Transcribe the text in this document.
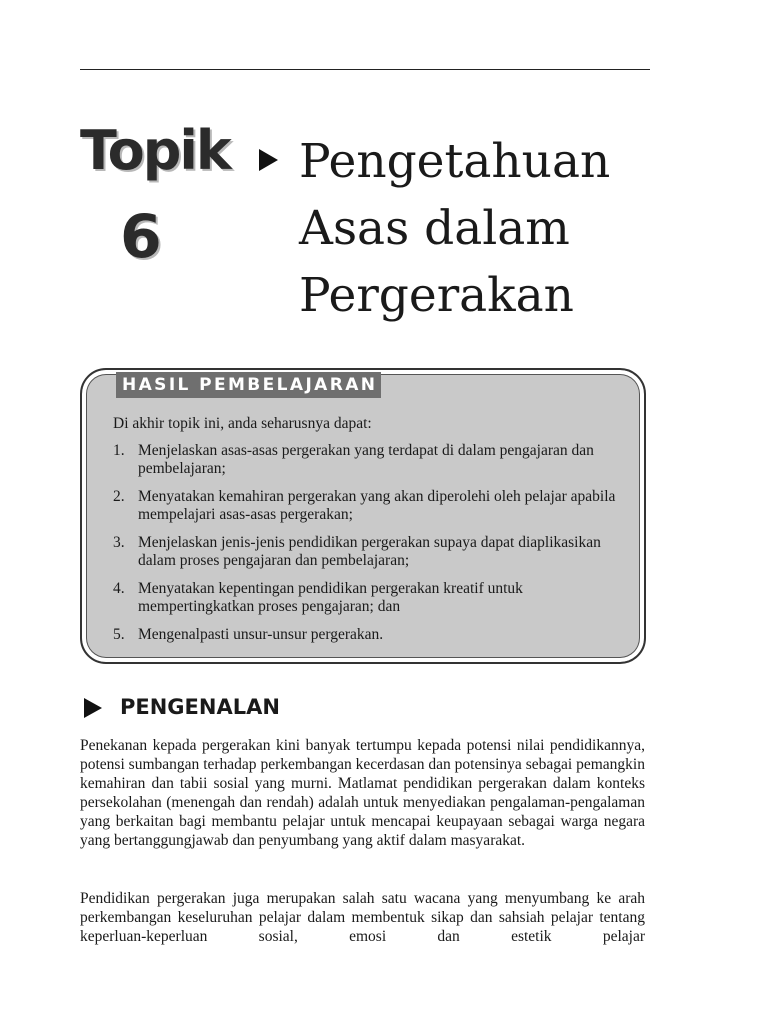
Topik
6
Pengetahuan
Asas dalam
Pergerakan
HASIL PEMBELAJARAN
Di akhir topik ini, anda seharusnya dapat:
1. Menjelaskan asas-asas pergerakan yang terdapat di dalam pengajaran dan pembelajaran;
2. Menyatakan kemahiran pergerakan yang akan diperolehi oleh pelajar apabila mempelajari asas-asas pergerakan;
3. Menjelaskan jenis-jenis pendidikan pergerakan supaya dapat diaplikasikan dalam proses pengajaran dan pembelajaran;
4. Menyatakan kepentingan pendidikan pergerakan kreatif untuk mempertingkatkan proses pengajaran; dan
5. Mengenalpasti unsur-unsur pergerakan.
PENGENALAN

Penekanan kepada pergerakan kini banyak tertumpu kepada potensi nilai pendidikannya, potensi sumbangan terhadap perkembangan kecerdasan dan potensinya sebagai pemangkin kemahiran dan tabii sosial yang murni. Matlamat pendidikan pergerakan dalam konteks persekolahan (menengah dan rendah) adalah untuk menyediakan pengalaman-pengalaman yang berkaitan bagi membantu pelajar untuk mencapai keupayaan sebagai warga negara yang bertanggungjawab dan penyumbang yang aktif dalam masyarakat.

Pendidikan pergerakan juga merupakan salah satu wacana yang menyumbang ke arah perkembangan keseluruhan pelajar dalam membentuk sikap dan sahsiah pelajar tentang keperluan-keperluan sosial, emosi dan estetik pelajar
